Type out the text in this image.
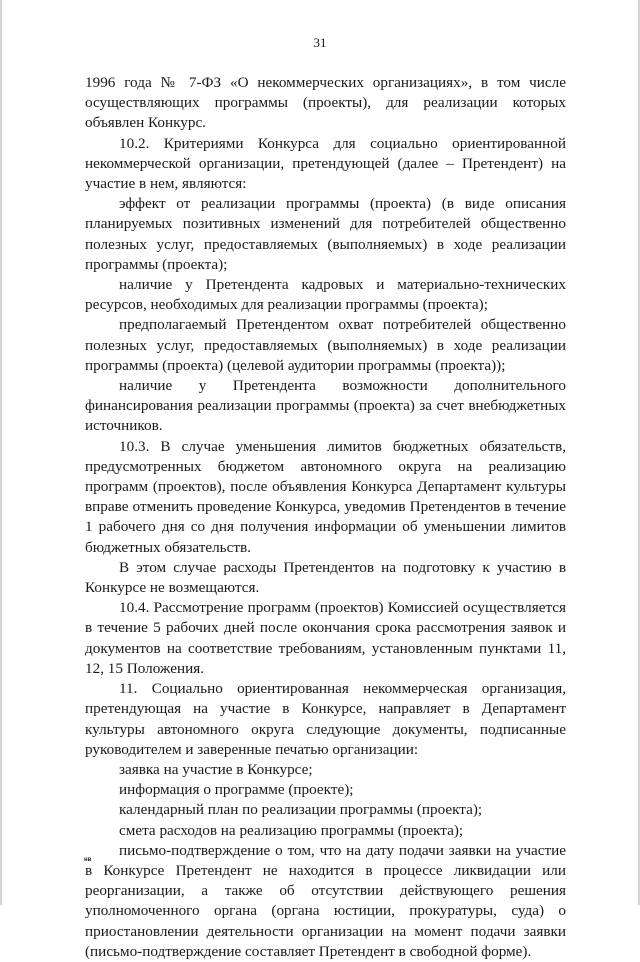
31

1996 года № 7-ФЗ «О некоммерческих организациях», в том числе осуществляющих программы (проекты), для реализации которых объявлен Конкурс.

10.2. Критериями Конкурса для социально ориентированной некоммерческой организации, претендующей (далее – Претендент) на участие в нем, являются:

эффект от реализации программы (проекта) (в виде описания планируемых позитивных изменений для потребителей общественно полезных услуг, предоставляемых (выполняемых) в ходе реализации программы (проекта);

наличие у Претендента кадровых и материально-технических ресурсов, необходимых для реализации программы (проекта);

предполагаемый Претендентом охват потребителей общественно полезных услуг, предоставляемых (выполняемых) в ходе реализации программы (проекта) (целевой аудитории программы (проекта));

наличие у Претендента возможности дополнительного финансирования реализации программы (проекта) за счет внебюджетных источников.

10.3. В случае уменьшения лимитов бюджетных обязательств, предусмотренных бюджетом автономного округа на реализацию программ (проектов), после объявления Конкурса Департамент культуры вправе отменить проведение Конкурса, уведомив Претендентов в течение 1 рабочего дня со дня получения информации об уменьшении лимитов бюджетных обязательств.

В этом случае расходы Претендентов на подготовку к участию в Конкурсе не возмещаются.

10.4. Рассмотрение программ (проектов) Комиссией осуществляется в течение 5 рабочих дней после окончания срока рассмотрения заявок и документов на соответствие требованиям, установленным пунктами 11, 12, 15 Положения.

11. Социально ориентированная некоммерческая организация, претендующая на участие в Конкурсе, направляет в Департамент культуры автономного округа следующие документы, подписанные руководителем и заверенные печатью организации:

заявка на участие в Конкурсе;

информация о программе (проекте);

календарный план по реализации программы (проекта);

смета расходов на реализацию программы (проекта);

письмо-подтверждение о том, что на дату подачи заявки на участие в Конкурсе Претендент не находится в процессе ликвидации или реорганизации, а также об отсутствии действующего решения уполномоченного органа (органа юстиции, прокуратуры, суда) о приостановлении деятельности организации на момент подачи заявки (письмо-подтверждение составляет Претендент в свободной форме).

нв
